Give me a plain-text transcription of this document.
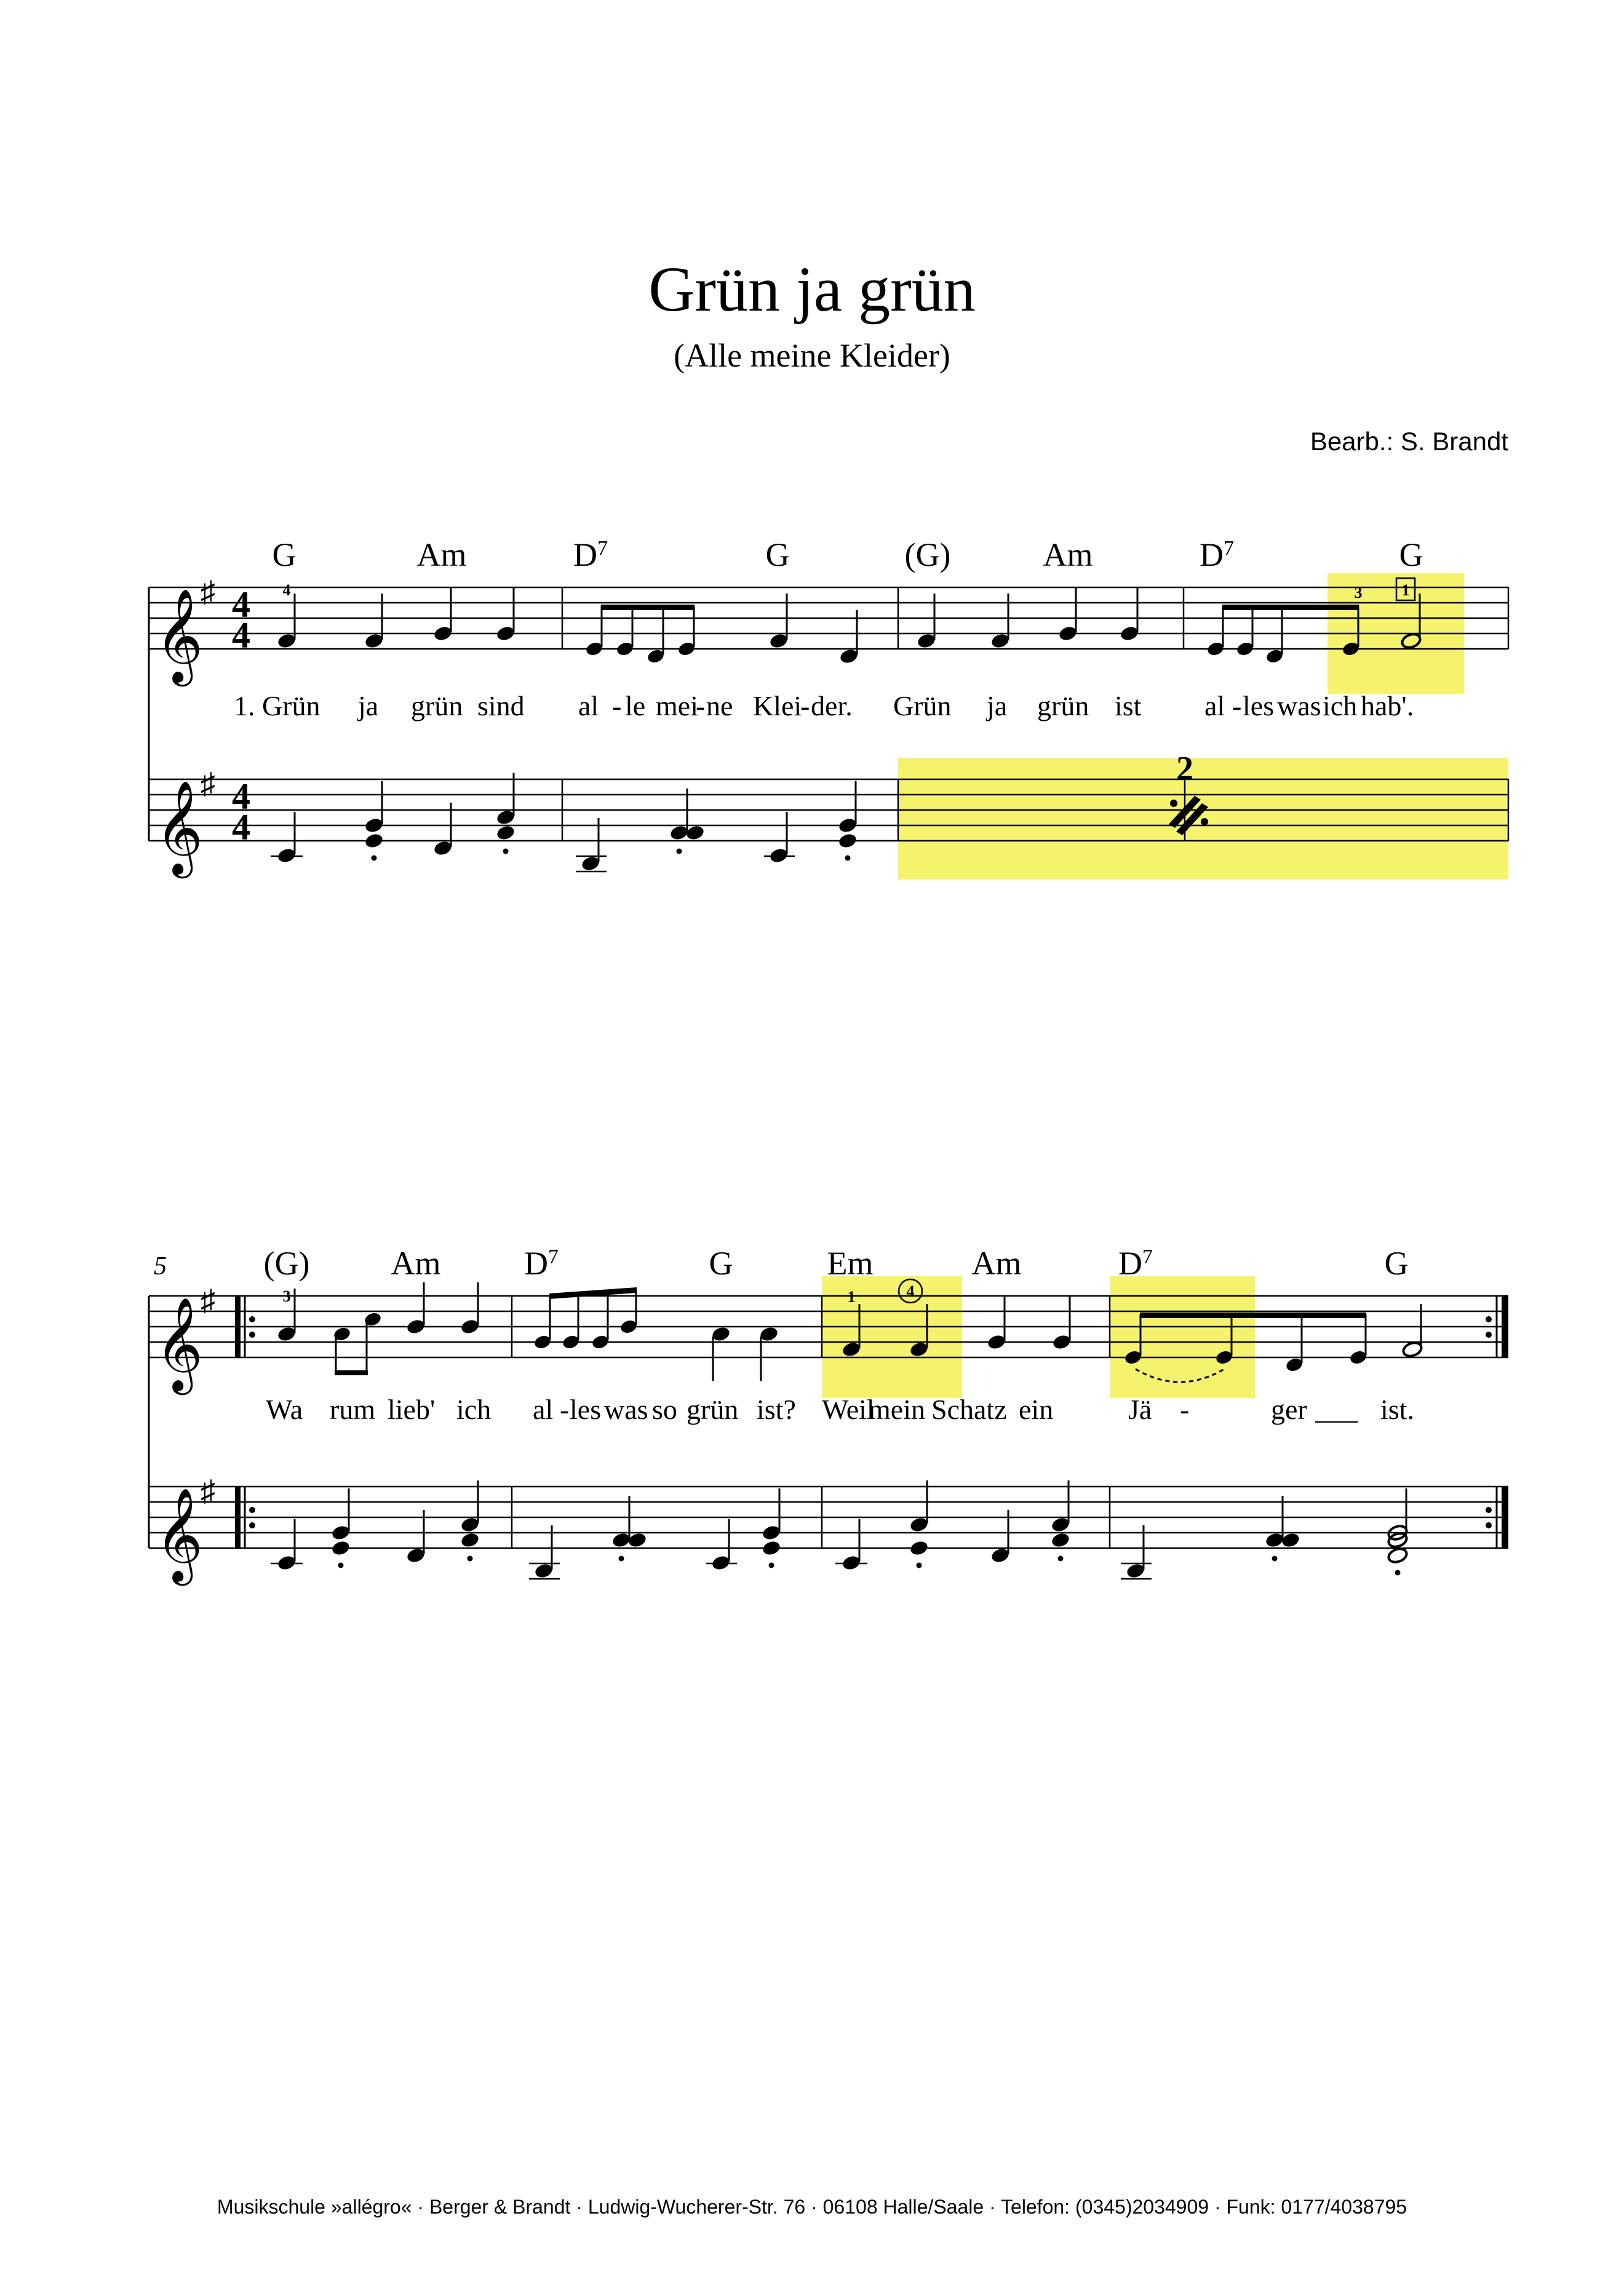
Grün ja grün
(Alle meine Kleider)
Bearb.: S. Brandt
G	Am	$D^7$	G	(G)	Am	$D^7$	G
𝄞
𝄞
♯
♯
4
4
4
4
4	3 1
1. Grün ja grün sind al - le mei
- ne Klei
- der. Grün ja grün ist al - les was ich hab'.
2
5	(G) Am	$D^7$	G	Em	Am	$D^7$	G
𝄞
𝄞
♯
♯
3	1	4
Wa rum lieb' ich al - les was so grün ist? Weil
mein Schatz ein	Jä -	ger ___ ist.
Musikschule »allégro« · Berger & Brandt · Ludwig-Wucherer-Str. 76 · 06108 Halle/Saale · Telefon: (0345)2034909 · Funk: 0177/4038795
